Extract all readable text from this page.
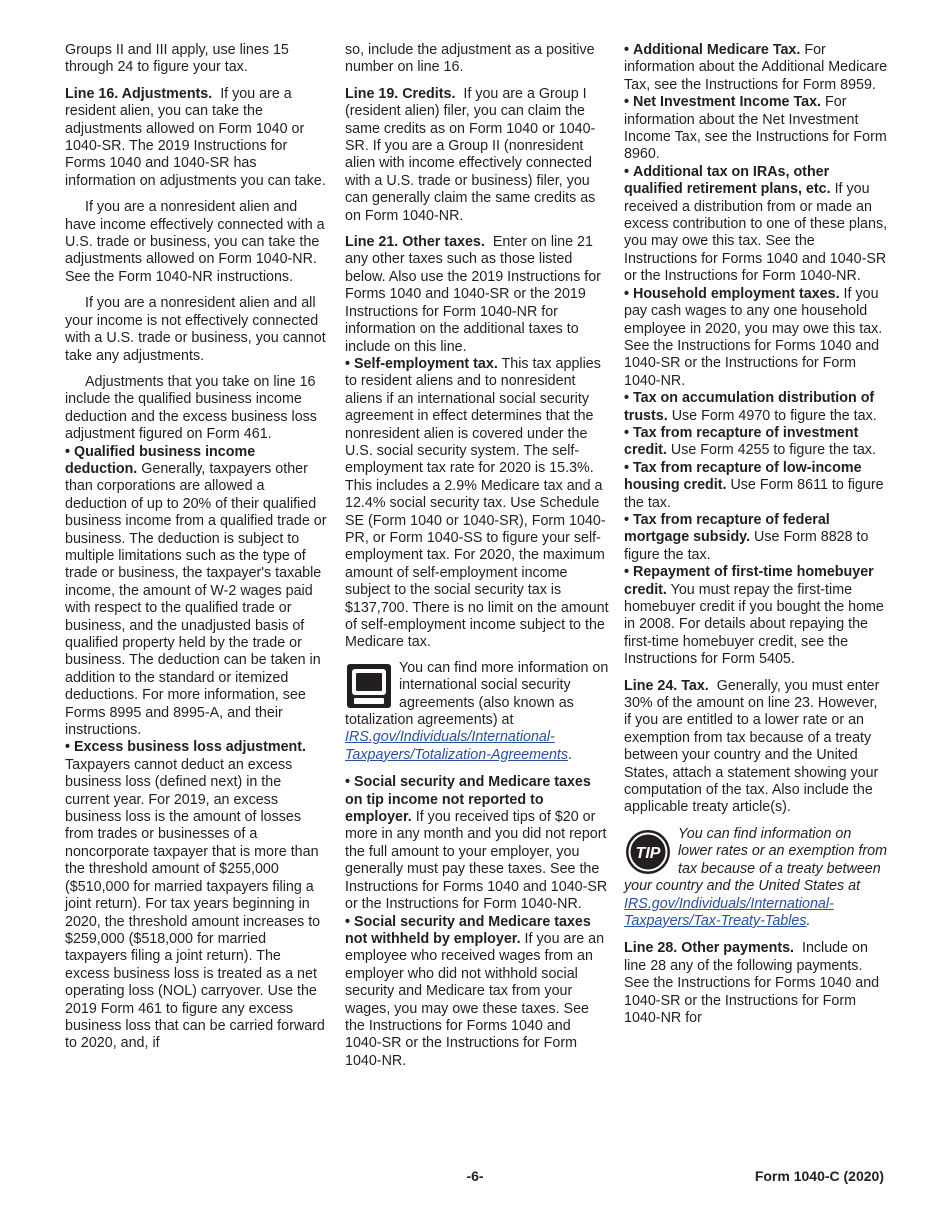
Groups II and III apply, use lines 15 through 24 to figure your tax.

Line 16. Adjustments. If you are a resident alien, you can take the adjustments allowed on Form 1040 or 1040-SR. The 2019 Instructions for Forms 1040 and 1040-SR has information on adjustments you can take.

If you are a nonresident alien and have income effectively connected with a U.S. trade or business, you can take the adjustments allowed on Form 1040-NR. See the Form 1040-NR instructions.

If you are a nonresident alien and all your income is not effectively connected with a U.S. trade or business, you cannot take any adjustments.

Adjustments that you take on line 16 include the qualified business income deduction and the excess business loss adjustment figured on Form 461.

• Qualified business income deduction. Generally, taxpayers other than corporations are allowed a deduction of up to 20% of their qualified business income from a qualified trade or business. The deduction is subject to multiple limitations such as the type of trade or business, the taxpayer's taxable income, the amount of W-2 wages paid with respect to the qualified trade or business, and the unadjusted basis of qualified property held by the trade or business. The deduction can be taken in addition to the standard or itemized deductions. For more information, see Forms 8995 and 8995-A, and their instructions.

• Excess business loss adjustment. Taxpayers cannot deduct an excess business loss (defined next) in the current year. For 2019, an excess business loss is the amount of losses from trades or businesses of a noncorporate taxpayer that is more than the threshold amount of $255,000 ($510,000 for married taxpayers filing a joint return). For tax years beginning in 2020, the threshold amount increases to $259,000 ($518,000 for married taxpayers filing a joint return). The excess business loss is treated as a net operating loss (NOL) carryover. Use the 2019 Form 461 to figure any excess business loss that can be carried forward to 2020, and, if

so, include the adjustment as a positive number on line 16.

Line 19. Credits. If you are a Group I (resident alien) filer, you can claim the same credits as on Form 1040 or 1040-SR. If you are a Group II (nonresident alien with income effectively connected with a U.S. trade or business) filer, you can generally claim the same credits as on Form 1040-NR.

Line 21. Other taxes. Enter on line 21 any other taxes such as those listed below. Also use the 2019 Instructions for Forms 1040 and 1040-SR or the 2019 Instructions for Form 1040-NR for information on the additional taxes to include on this line.

• Self-employment tax. This tax applies to resident aliens and to nonresident aliens if an international social security agreement in effect determines that the nonresident alien is covered under the U.S. social security system. The self-employment tax rate for 2020 is 15.3%. This includes a 2.9% Medicare tax and a 12.4% social security tax. Use Schedule SE (Form 1040 or 1040-SR), Form 1040-PR, or Form 1040-SS to figure your self-employment tax. For 2020, the maximum amount of self-employment income subject to the social security tax is $137,700. There is no limit on the amount of self-employment income subject to the Medicare tax.

You can find more information on international social security agreements (also known as totalization agreements) at IRS.gov/Individuals/International-Taxpayers/Totalization-Agreements.

• Social security and Medicare taxes on tip income not reported to employer. If you received tips of $20 or more in any month and you did not report the full amount to your employer, you generally must pay these taxes. See the Instructions for Forms 1040 and 1040-SR or the Instructions for Form 1040-NR.

• Social security and Medicare taxes not withheld by employer. If you are an employee who received wages from an employer who did not withhold social security and Medicare tax from your wages, you may owe these taxes. See the Instructions for Forms 1040 and 1040-SR or the Instructions for Form 1040-NR.

• Additional Medicare Tax. For information about the Additional Medicare Tax, see the Instructions for Form 8959.

• Net Investment Income Tax. For information about the Net Investment Income Tax, see the Instructions for Form 8960.

• Additional tax on IRAs, other qualified retirement plans, etc. If you received a distribution from or made an excess contribution to one of these plans, you may owe this tax. See the Instructions for Forms 1040 and 1040-SR or the Instructions for Form 1040-NR.

• Household employment taxes. If you pay cash wages to any one household employee in 2020, you may owe this tax. See the Instructions for Forms 1040 and 1040-SR or the Instructions for Form 1040-NR.

• Tax on accumulation distribution of trusts. Use Form 4970 to figure the tax.

• Tax from recapture of investment credit. Use Form 4255 to figure the tax.

• Tax from recapture of low-income housing credit. Use Form 8611 to figure the tax.

• Tax from recapture of federal mortgage subsidy. Use Form 8828 to figure the tax.

• Repayment of first-time homebuyer credit. You must repay the first-time homebuyer credit if you bought the home in 2008. For details about repaying the first-time homebuyer credit, see the Instructions for Form 5405.

Line 24. Tax. Generally, you must enter 30% of the amount on line 23. However, if you are entitled to a lower rate or an exemption from tax because of a treaty between your country and the United States, attach a statement showing your computation of the tax. Also include the applicable treaty article(s).

TIP
You can find information on lower rates or an exemption from tax because of a treaty between your country and the United States at IRS.gov/Individuals/International-Taxpayers/Tax-Treaty-Tables.

Line 28. Other payments. Include on line 28 any of the following payments. See the Instructions for Forms 1040 and 1040-SR or the Instructions for Form 1040-NR for

-6-	Form 1040-C (2020)
